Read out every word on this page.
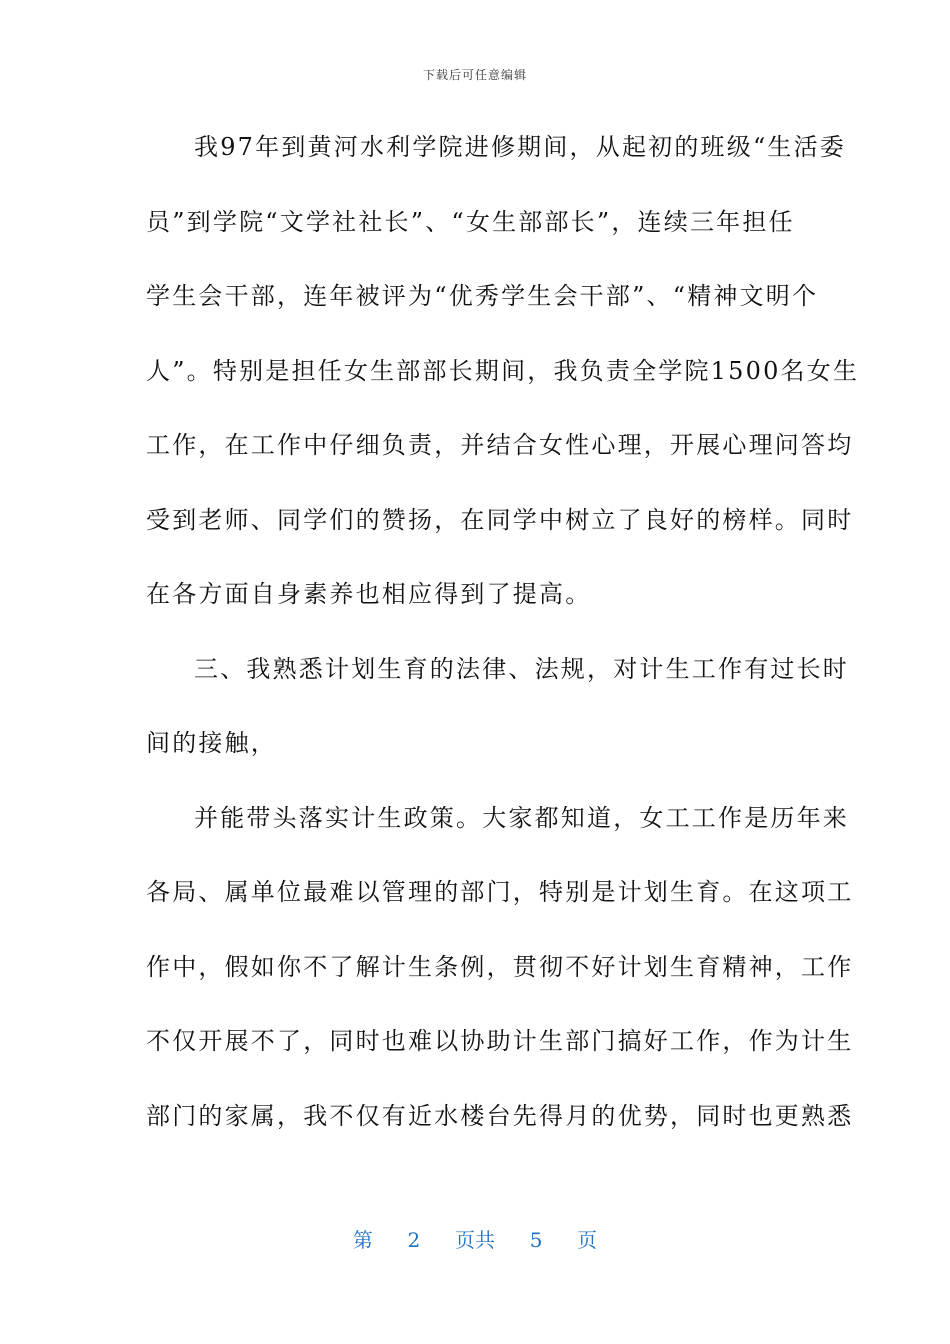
下载后可任意编辑

我97年到黄河水利学院进修期间，从起初的班级“生活委
员”到学院“文学社社长”、“女生部部长”，连续三年担任
学生会干部，连年被评为“优秀学生会干部”、“精神文明个
人”。特别是担任女生部部长期间，我负责全学院1500名女生
工作，在工作中仔细负责，并结合女性心理，开展心理问答均
受到老师、同学们的赞扬，在同学中树立了良好的榜样。同时
在各方面自身素养也相应得到了提高。

三、我熟悉计划生育的法律、法规，对计生工作有过长时
间的接触，

并能带头落实计生政策。大家都知道，女工工作是历年来
各局、属单位最难以管理的部门，特别是计划生育。在这项工
作中，假如你不了解计生条例，贯彻不好计划生育精神，工作
不仅开展不了，同时也难以协助计生部门搞好工作，作为计生
部门的家属，我不仅有近水楼台先得月的优势，同时也更熟悉

第 2 页共 5 页
